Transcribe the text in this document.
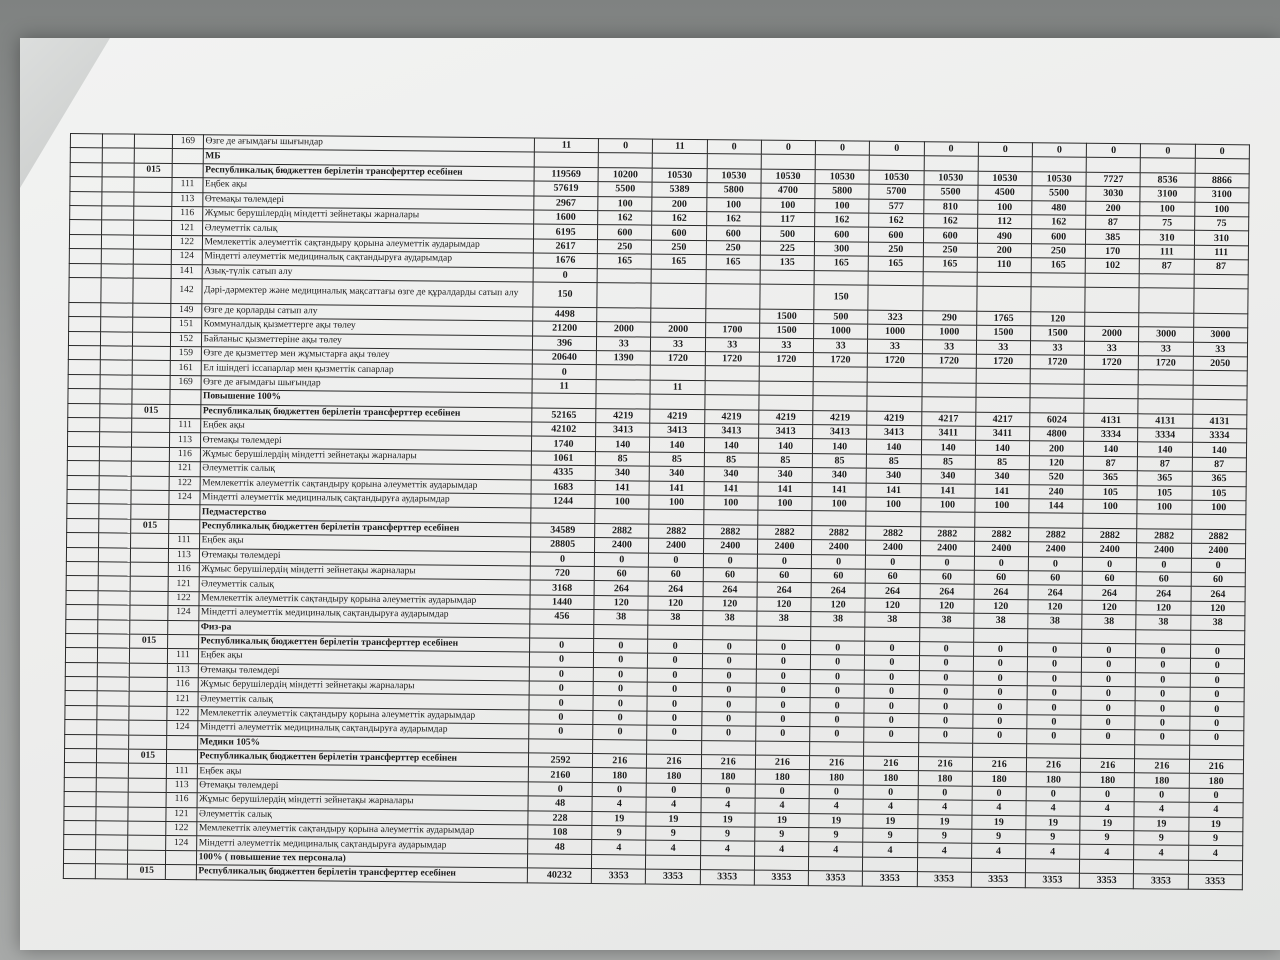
			169	Өзге де ағымдағы шығындар	11	0	11	0	0	0	0	0	0	0	0	0	0
				МБ													
		015		Республикалық бюджеттен берілетін трансферттер есебінен	119569	10200	10530	10530	10530	10530	10530	10530	10530	10530	7727	8536	8866
			111	Еңбек ақы	57619	5500	5389	5800	4700	5800	5700	5500	4500	5500	3030	3100	3100
			113	Өтемақы төлемдері	2967	100	200	100	100	100	577	810	100	480	200	100	100
			116	Жұмыс берушілердің міндетті зейнетақы жарналары	1600	162	162	162	117	162	162	162	112	162	87	75	75
			121	Әлеуметтік салық	6195	600	600	600	500	600	600	600	490	600	385	310	310
			122	Мемлекеттік әлеуметтік сақтандыру қорына әлеуметтік аударымдар	2617	250	250	250	225	300	250	250	200	250	170	111	111
			124	Міндетті әлеуметтік медициналық сақтандыруға аударымдар	1676	165	165	165	135	165	165	165	110	165	102	87	87
			141	Азық-түлік сатып алу	0												
			142	Дәрі-дәрмектер және медициналық мақсаттағы өзге де құралдарды сатып алу	150					150							
			149	Өзге де қорларды сатып алу	4498				1500	500	323	290	1765	120			
			151	Коммуналдық қызметтерге ақы төлеу	21200	2000	2000	1700	1500	1000	1000	1000	1500	1500	2000	3000	3000
			152	Байланыс қызметтеріне ақы төлеу	396	33	33	33	33	33	33	33	33	33	33	33	33
			159	Өзге де қызметтер мен жұмыстарға ақы төлеу	20640	1390	1720	1720	1720	1720	1720	1720	1720	1720	1720	1720	2050
			161	Ел ішіндегі іссапарлар мен қызметтік сапарлар	0												
			169	Өзге де ағымдағы шығындар	11		11										
				Повышение 100%													
		015		Республикалық бюджеттен берілетін трансферттер есебінен	52165	4219	4219	4219	4219	4219	4219	4217	4217	6024	4131	4131	4131
			111	Еңбек ақы	42102	3413	3413	3413	3413	3413	3413	3411	3411	4800	3334	3334	3334
			113	Өтемақы төлемдері	1740	140	140	140	140	140	140	140	140	200	140	140	140
			116	Жұмыс берушілердің міндетті зейнетақы жарналары	1061	85	85	85	85	85	85	85	85	120	87	87	87
			121	Әлеуметтік салық	4335	340	340	340	340	340	340	340	340	520	365	365	365
			122	Мемлекеттік әлеуметтік сақтандыру қорына әлеуметтік аударымдар	1683	141	141	141	141	141	141	141	141	240	105	105	105
			124	Міндетті әлеуметтік медициналық сақтандыруға аударымдар	1244	100	100	100	100	100	100	100	100	144	100	100	100
				Педмастерство													
		015		Республикалық бюджеттен берілетін трансферттер есебінен	34589	2882	2882	2882	2882	2882	2882	2882	2882	2882	2882	2882	2882
			111	Еңбек ақы	28805	2400	2400	2400	2400	2400	2400	2400	2400	2400	2400	2400	2400
			113	Өтемақы төлемдері	0	0	0	0	0	0	0	0	0	0	0	0	0
			116	Жұмыс берушілердің міндетті зейнетақы жарналары	720	60	60	60	60	60	60	60	60	60	60	60	60
			121	Әлеуметтік салық	3168	264	264	264	264	264	264	264	264	264	264	264	264
			122	Мемлекеттік әлеуметтік сақтандыру қорына әлеуметтік аударымдар	1440	120	120	120	120	120	120	120	120	120	120	120	120
			124	Міндетті әлеуметтік медициналық сақтандыруға аударымдар	456	38	38	38	38	38	38	38	38	38	38	38	38
				Физ-ра													
		015		Республикалық бюджеттен берілетін трансферттер есебінен	0	0	0	0	0	0	0	0	0	0	0	0	0
			111	Еңбек ақы	0	0	0	0	0	0	0	0	0	0	0	0	0
			113	Өтемақы төлемдері	0	0	0	0	0	0	0	0	0	0	0	0	0
			116	Жұмыс берушілердің міндетті зейнетақы жарналары	0	0	0	0	0	0	0	0	0	0	0	0	0
			121	Әлеуметтік салық	0	0	0	0	0	0	0	0	0	0	0	0	0
			122	Мемлекеттік әлеуметтік сақтандыру қорына әлеуметтік аударымдар	0	0	0	0	0	0	0	0	0	0	0	0	0
			124	Міндетті әлеуметтік медициналық сақтандыруға аударымдар	0	0	0	0	0	0	0	0	0	0	0	0	0
				Медики 105%													
		015		Республикалық бюджеттен берілетін трансферттер есебінен	2592	216	216	216	216	216	216	216	216	216	216	216	216
			111	Еңбек ақы	2160	180	180	180	180	180	180	180	180	180	180	180	180
			113	Өтемақы төлемдері	0	0	0	0	0	0	0	0	0	0	0	0	0
			116	Жұмыс берушілердің міндетті зейнетақы жарналары	48	4	4	4	4	4	4	4	4	4	4	4	4
			121	Әлеуметтік салық	228	19	19	19	19	19	19	19	19	19	19	19	19
			122	Мемлекеттік әлеуметтік сақтандыру қорына әлеуметтік аударымдар	108	9	9	9	9	9	9	9	9	9	9	9	9
			124	Міндетті әлеуметтік медициналық сақтандыруға аударымдар	48	4	4	4	4	4	4	4	4	4	4	4	4
				100% ( повышение тех персонала)													
		015		Республикалық бюджеттен берілетін трансферттер есебінен	40232	3353	3353	3353	3353	3353	3353	3353	3353	3353	3353	3353	3353
